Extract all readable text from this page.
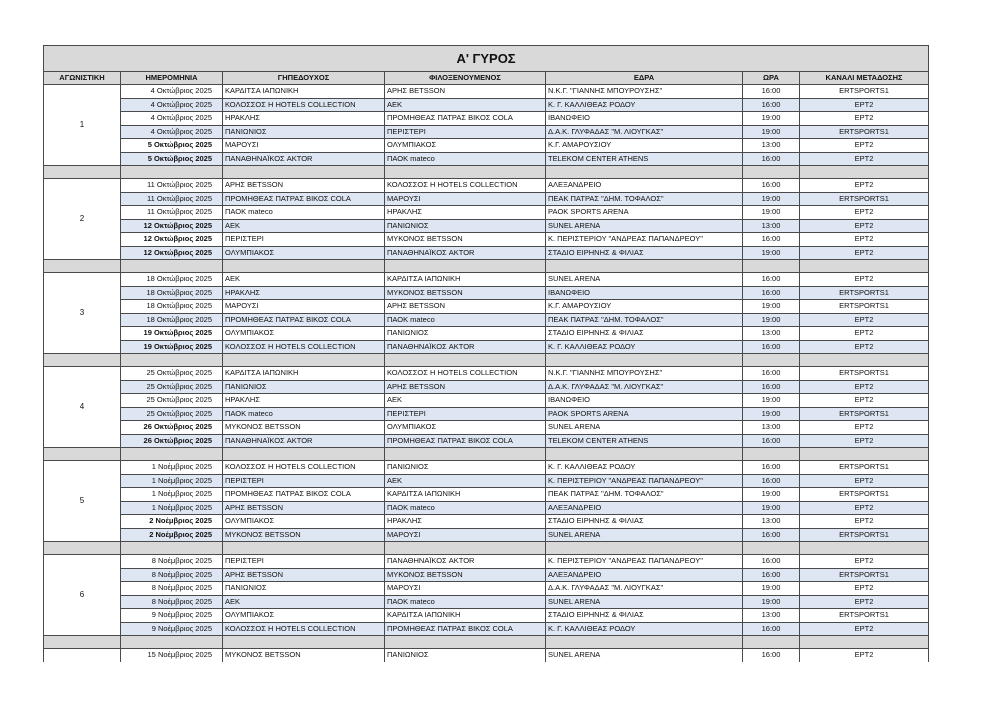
Α' ΓΥΡΟΣ						
ΑΓΩΝΙΣΤΙΚΗ	ΗΜΕΡΟΜΗΝΙΑ	ΓΗΠΕΔΟΥΧΟΣ	ΦΙΛΟΞΕΝΟΥΜΕΝΟΣ	ΕΔΡΑ	ΩΡΑ	ΚΑΝΑΛΙ ΜΕΤΑΔΟΣΗΣ
1	4 Οκτώβριος 2025	ΚΑΡΔΙΤΣΑ ΙΑΠΩΝΙΚΗ	ΑΡΗΣ BETSSON	Ν.Κ.Γ. "ΓΙΑΝΝΗΣ ΜΠΟΥΡΟΥΣΗΣ"	16:00	ERTSPORTS1
	4 Οκτώβριος 2025	ΚΟΛΟΣΣΟΣ Η HOTELS COLLECTION	ΑΕΚ	Κ. Γ. ΚΑΛΛΙΘΕΑΣ ΡΟΔΟΥ	16:00	ΕΡΤ2
	4 Οκτώβριος 2025	ΗΡΑΚΛΗΣ	ΠΡΟΜΗΘΕΑΣ ΠΑΤΡΑΣ ΒΙΚΟΣ COLA	ΙΒΑΝΩΦΕΙΟ	19:00	ΕΡΤ2
	4 Οκτώβριος 2025	ΠΑΝΙΩΝΙΟΣ	ΠΕΡΙΣΤΕΡΙ	Δ.Α.Κ. ΓΛΥΦΑΔΑΣ "Μ. ΛΙΟΥΓΚΑΣ"	19:00	ERTSPORTS1
	5 Οκτώβριος 2025	ΜΑΡΟΥΣΙ	ΟΛΥΜΠΙΑΚΟΣ	Κ.Γ. ΑΜΑΡΟΥΣΙΟΥ	13:00	ΕΡΤ2
	5 Οκτώβριος 2025	ΠΑΝΑΘΗΝΑΪΚΟΣ AKTOR	ΠΑΟΚ mateco	TELEKOM CENTER ATHENS	16:00	ΕΡΤ2

2	11 Οκτώβριος 2025	ΑΡΗΣ BETSSON	ΚΟΛΟΣΣΟΣ Η HOTELS COLLECTION	ΑΛΕΞΑΝΔΡΕΙΟ	16:00	ΕΡΤ2
	11 Οκτώβριος 2025	ΠΡΟΜΗΘΕΑΣ ΠΑΤΡΑΣ ΒΙΚΟΣ COLA	ΜΑΡΟΥΣΙ	ΠΕΑΚ ΠΑΤΡΑΣ "ΔΗΜ. ΤΟΦΑΛΟΣ"	19:00	ERTSPORTS1
	11 Οκτώβριος 2025	ΠΑΟΚ mateco	ΗΡΑΚΛΗΣ	PAOK SPORTS ARENA	19:00	ΕΡΤ2
	12 Οκτώβριος 2025	ΑΕΚ	ΠΑΝΙΩΝΙΟΣ	SUNEL ARENA	13:00	ΕΡΤ2
	12 Οκτώβριος 2025	ΠΕΡΙΣΤΕΡΙ	ΜΥΚΟΝΟΣ BETSSON	Κ. ΠΕΡΙΣΤΕΡΙΟΥ "ΑΝΔΡΕΑΣ ΠΑΠΑΝΔΡΕΟΥ"	16:00	ΕΡΤ2
	12 Οκτώβριος 2025	ΟΛΥΜΠΙΑΚΟΣ	ΠΑΝΑΘΗΝΑΪΚΟΣ AKTOR	ΣΤΑΔΙΟ ΕΙΡΗΝΗΣ & ΦΙΛΙΑΣ	19:00	ΕΡΤ2

3	18 Οκτώβριος 2025	ΑΕΚ	ΚΑΡΔΙΤΣΑ ΙΑΠΩΝΙΚΗ	SUNEL ARENA	16:00	ΕΡΤ2
	18 Οκτώβριος 2025	ΗΡΑΚΛΗΣ	ΜΥΚΟΝΟΣ BETSSON	ΙΒΑΝΩΦΕΙΟ	16:00	ERTSPORTS1
	18 Οκτώβριος 2025	ΜΑΡΟΥΣΙ	ΑΡΗΣ BETSSON	Κ.Γ. ΑΜΑΡΟΥΣΙΟΥ	19:00	ERTSPORTS1
	18 Οκτώβριος 2025	ΠΡΟΜΗΘΕΑΣ ΠΑΤΡΑΣ ΒΙΚΟΣ COLA	ΠΑΟΚ mateco	ΠΕΑΚ ΠΑΤΡΑΣ "ΔΗΜ. ΤΟΦΑΛΟΣ"	19:00	ΕΡΤ2
	19 Οκτώβριος 2025	ΟΛΥΜΠΙΑΚΟΣ	ΠΑΝΙΩΝΙΟΣ	ΣΤΑΔΙΟ ΕΙΡΗΝΗΣ & ΦΙΛΙΑΣ	13:00	ΕΡΤ2
	19 Οκτώβριος 2025	ΚΟΛΟΣΣΟΣ Η HOTELS COLLECTION	ΠΑΝΑΘΗΝΑΪΚΟΣ AKTOR	Κ. Γ. ΚΑΛΛΙΘΕΑΣ ΡΟΔΟΥ	16:00	ΕΡΤ2

4	25 Οκτώβριος 2025	ΚΑΡΔΙΤΣΑ ΙΑΠΩΝΙΚΗ	ΚΟΛΟΣΣΟΣ Η HOTELS COLLECTION	Ν.Κ.Γ. "ΓΙΑΝΝΗΣ ΜΠΟΥΡΟΥΣΗΣ"	16:00	ERTSPORTS1
	25 Οκτώβριος 2025	ΠΑΝΙΩΝΙΟΣ	ΑΡΗΣ BETSSON	Δ.Α.Κ. ΓΛΥΦΑΔΑΣ "Μ. ΛΙΟΥΓΚΑΣ"	16:00	ΕΡΤ2
	25 Οκτώβριος 2025	ΗΡΑΚΛΗΣ	ΑΕΚ	ΙΒΑΝΩΦΕΙΟ	19:00	ΕΡΤ2
	25 Οκτώβριος 2025	ΠΑΟΚ mateco	ΠΕΡΙΣΤΕΡΙ	PAOK SPORTS ARENA	19:00	ERTSPORTS1
	26 Οκτώβριος 2025	ΜΥΚΟΝΟΣ BETSSON	ΟΛΥΜΠΙΑΚΟΣ	SUNEL ARENA	13:00	ΕΡΤ2
	26 Οκτώβριος 2025	ΠΑΝΑΘΗΝΑΪΚΟΣ AKTOR	ΠΡΟΜΗΘΕΑΣ ΠΑΤΡΑΣ ΒΙΚΟΣ COLA	TELEKOM CENTER ATHENS	16:00	ΕΡΤ2

5	1 Νοέμβριος 2025	ΚΟΛΟΣΣΟΣ Η HOTELS COLLECTION	ΠΑΝΙΩΝΙΟΣ	Κ. Γ. ΚΑΛΛΙΘΕΑΣ ΡΟΔΟΥ	16:00	ERTSPORTS1
	1 Νοέμβριος 2025	ΠΕΡΙΣΤΕΡΙ	ΑΕΚ	Κ. ΠΕΡΙΣΤΕΡΙΟΥ "ΑΝΔΡΕΑΣ ΠΑΠΑΝΔΡΕΟΥ"	16:00	ΕΡΤ2
	1 Νοέμβριος 2025	ΠΡΟΜΗΘΕΑΣ ΠΑΤΡΑΣ ΒΙΚΟΣ COLA	ΚΑΡΔΙΤΣΑ ΙΑΠΩΝΙΚΗ	ΠΕΑΚ ΠΑΤΡΑΣ "ΔΗΜ. ΤΟΦΑΛΟΣ"	19:00	ERTSPORTS1
	1 Νοέμβριος 2025	ΑΡΗΣ BETSSON	ΠΑΟΚ mateco	ΑΛΕΞΑΝΔΡΕΙΟ	19:00	ΕΡΤ2
	2 Νοέμβριος 2025	ΟΛΥΜΠΙΑΚΟΣ	ΗΡΑΚΛΗΣ	ΣΤΑΔΙΟ ΕΙΡΗΝΗΣ & ΦΙΛΙΑΣ	13:00	ΕΡΤ2
	2 Νοέμβριος 2025	ΜΥΚΟΝΟΣ BETSSON	ΜΑΡΟΥΣΙ	SUNEL ARENA	16:00	ERTSPORTS1

6	8 Νοέμβριος 2025	ΠΕΡΙΣΤΕΡΙ	ΠΑΝΑΘΗΝΑΪΚΟΣ AKTOR	Κ. ΠΕΡΙΣΤΕΡΙΟΥ "ΑΝΔΡΕΑΣ ΠΑΠΑΝΔΡΕΟΥ"	16:00	ΕΡΤ2
	8 Νοέμβριος 2025	ΑΡΗΣ BETSSON	ΜΥΚΟΝΟΣ BETSSON	ΑΛΕΞΑΝΔΡΕΙΟ	16:00	ERTSPORTS1
	8 Νοέμβριος 2025	ΠΑΝΙΩΝΙΟΣ	ΜΑΡΟΥΣΙ	Δ.Α.Κ. ΓΛΥΦΑΔΑΣ "Μ. ΛΙΟΥΓΚΑΣ"	19:00	ΕΡΤ2
	8 Νοέμβριος 2025	ΑΕΚ	ΠΑΟΚ mateco	SUNEL ARENA	19:00	ΕΡΤ2
	9 Νοέμβριος 2025	ΟΛΥΜΠΙΑΚΟΣ	ΚΑΡΔΙΤΣΑ ΙΑΠΩΝΙΚΗ	ΣΤΑΔΙΟ ΕΙΡΗΝΗΣ & ΦΙΛΙΑΣ	13:00	ERTSPORTS1
	9 Νοέμβριος 2025	ΚΟΛΟΣΣΟΣ Η HOTELS COLLECTION	ΠΡΟΜΗΘΕΑΣ ΠΑΤΡΑΣ ΒΙΚΟΣ COLA	Κ. Γ. ΚΑΛΛΙΘΕΑΣ ΡΟΔΟΥ	16:00	ΕΡΤ2

	15 Νοέμβριος 2025	ΜΥΚΟΝΟΣ BETSSON	ΠΑΝΙΩΝΙΟΣ	SUNEL ARENA	16:00	ΕΡΤ2
